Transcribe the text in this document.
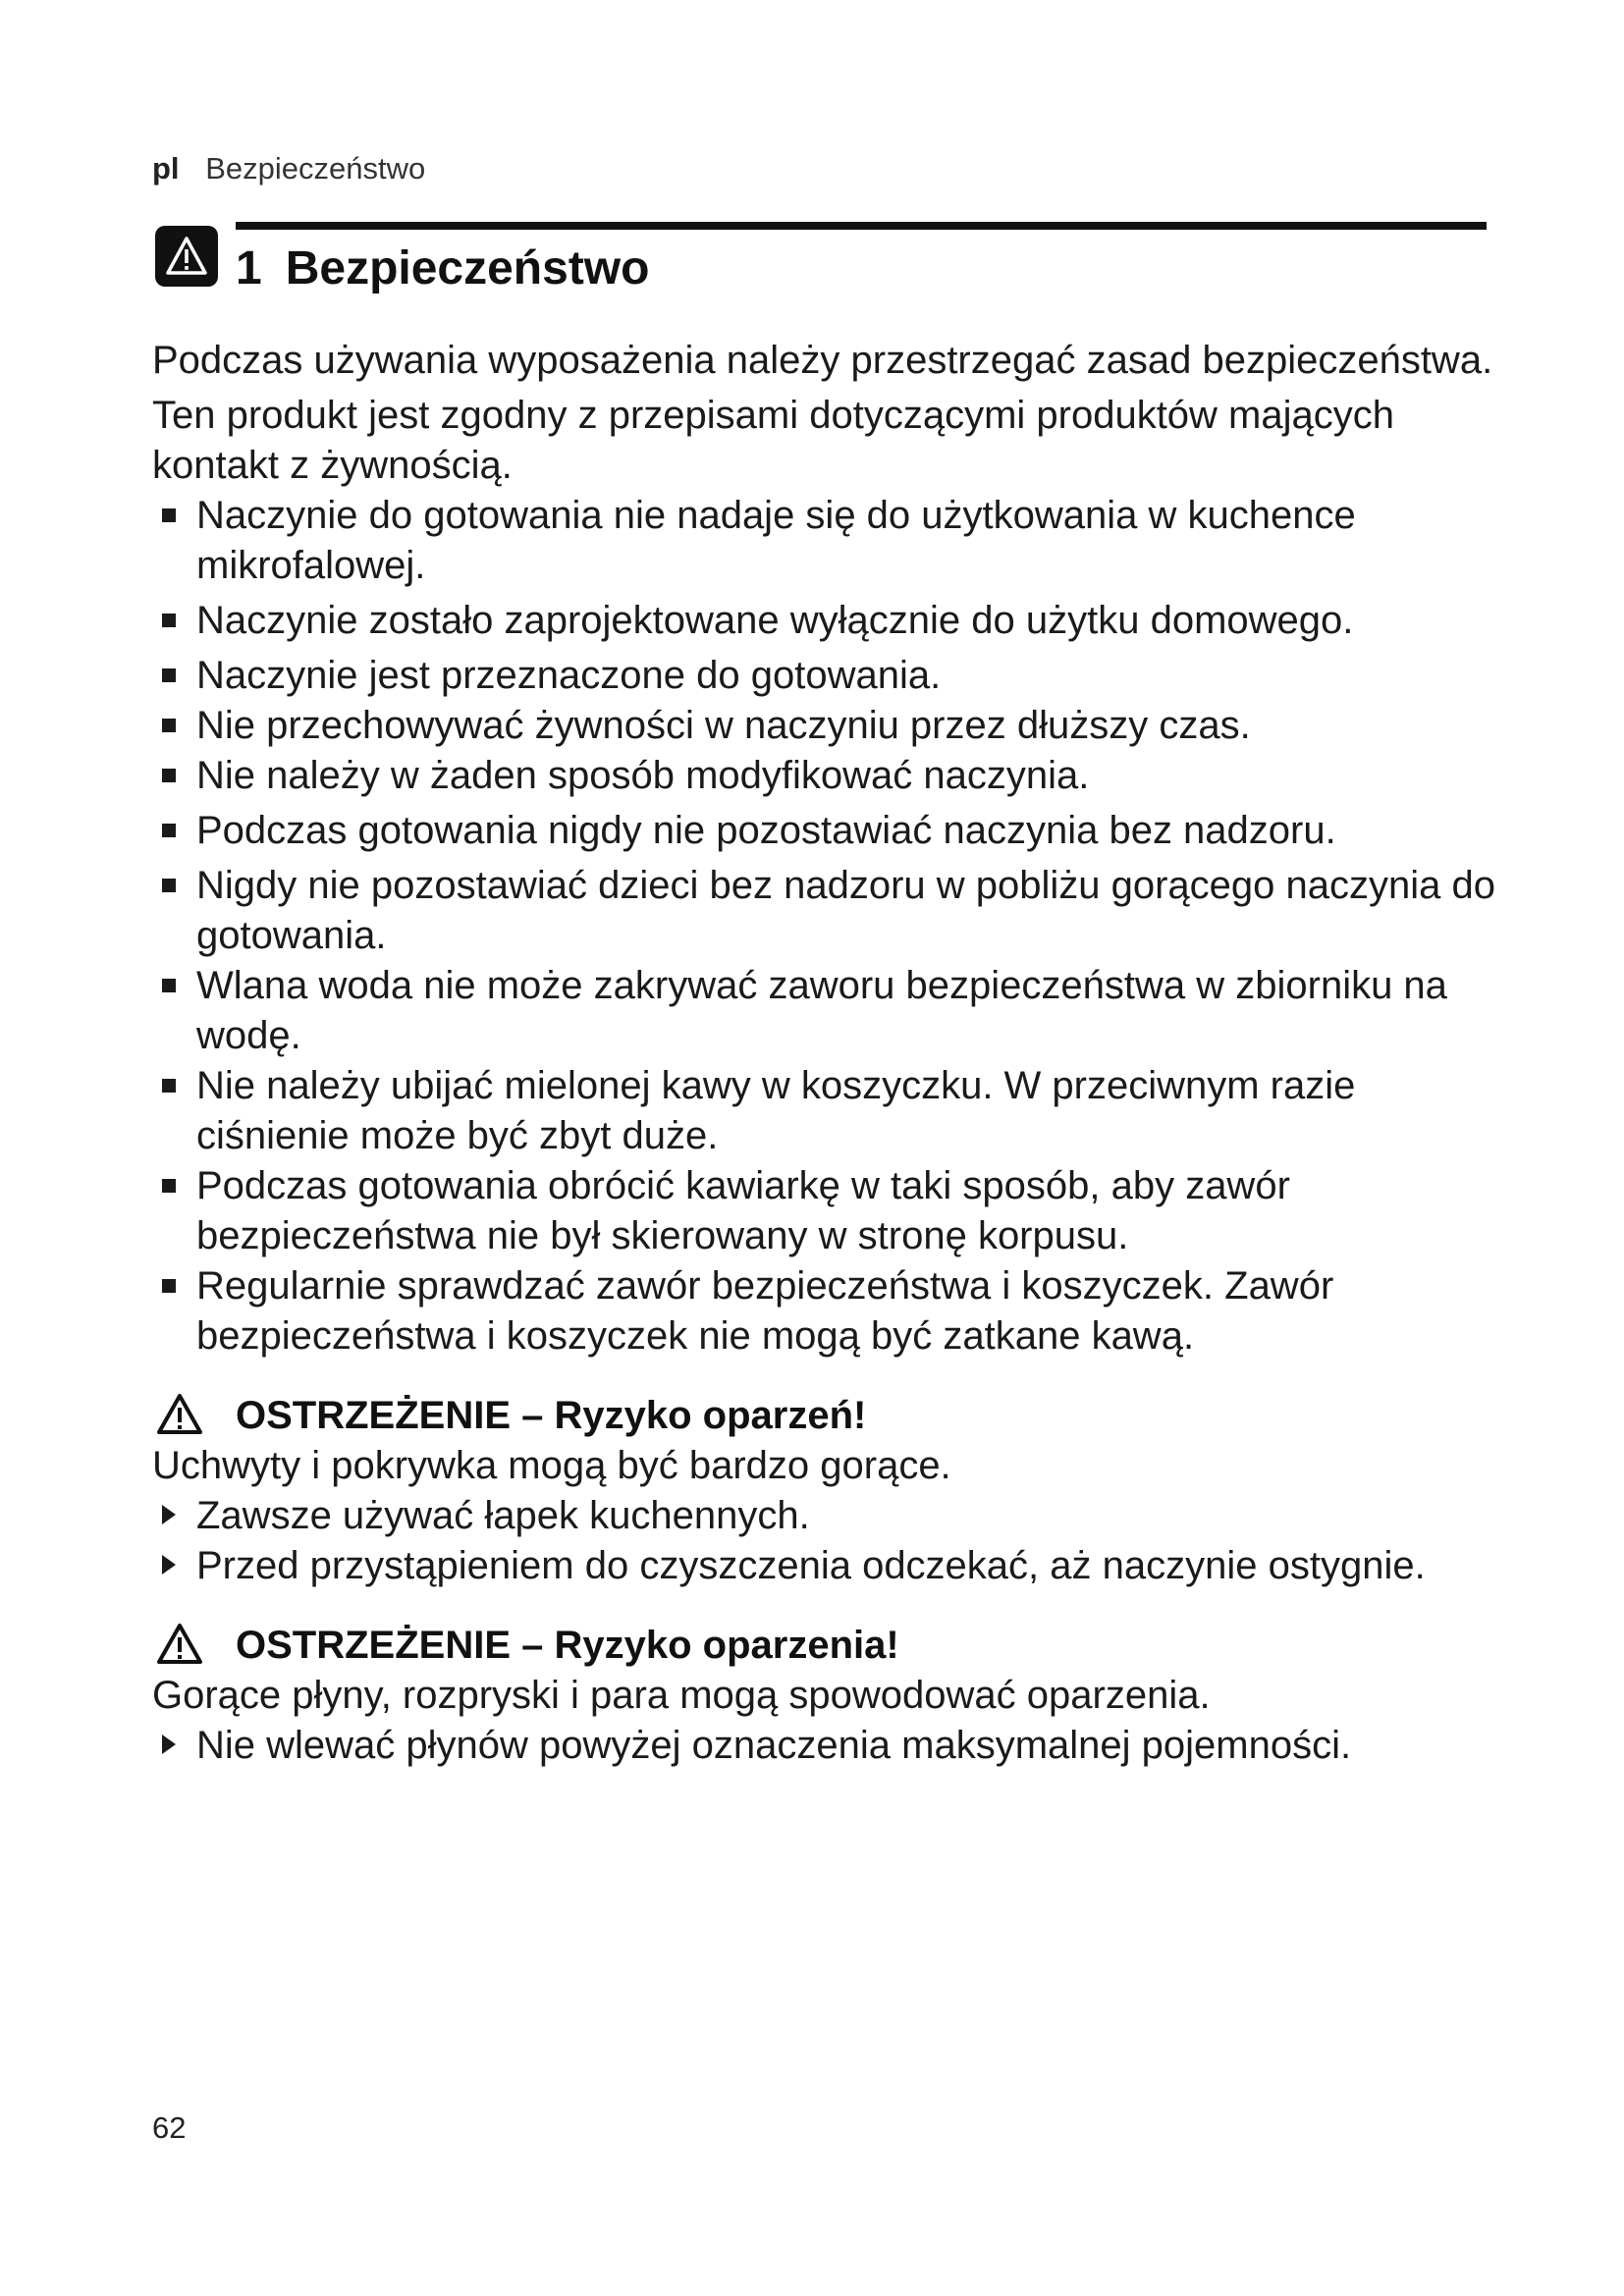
pl Bezpieczeństwo
1 Bezpieczeństwo

Podczas używania wyposażenia należy przestrzegać zasad bezpieczeństwa.

Ten produkt jest zgodny z przepisami dotyczącymi produktów mających kontakt z żywnością.

Naczynie do gotowania nie nadaje się do użytkowania w kuchence mikrofalowej.
Naczynie zostało zaprojektowane wyłącznie do użytku domowego.
Naczynie jest przeznaczone do gotowania.
Nie przechowywać żywności w naczyniu przez dłuższy czas.
Nie należy w żaden sposób modyfikować naczynia.
Podczas gotowania nigdy nie pozostawiać naczynia bez nadzoru.
Nigdy nie pozostawiać dzieci bez nadzoru w pobliżu gorącego naczynia do gotowania.
Wlana woda nie może zakrywać zaworu bezpieczeństwa w zbiorniku na wodę.
Nie należy ubijać mielonej kawy w koszyczku. W przeciwnym razie ciśnienie może być zbyt duże.
Podczas gotowania obrócić kawiarkę w taki sposób, aby zawór bezpieczeństwa nie był skierowany w stronę korpusu.
Regularnie sprawdzać zawór bezpieczeństwa i koszyczek. Zawór bezpieczeństwa i koszyczek nie mogą być zatkane kawą.
OSTRZEŻENIE – Ryzyko oparzeń!

Uchwyty i pokrywka mogą być bardzo gorące.

Zawsze używać łapek kuchennych.
Przed przystąpieniem do czyszczenia odczekać, aż naczynie ostygnie.
OSTRZEŻENIE – Ryzyko oparzenia!

Gorące płyny, rozpryski i para mogą spowodować oparzenia.

Nie wlewać płynów powyżej oznaczenia maksymalnej pojemności.
62
